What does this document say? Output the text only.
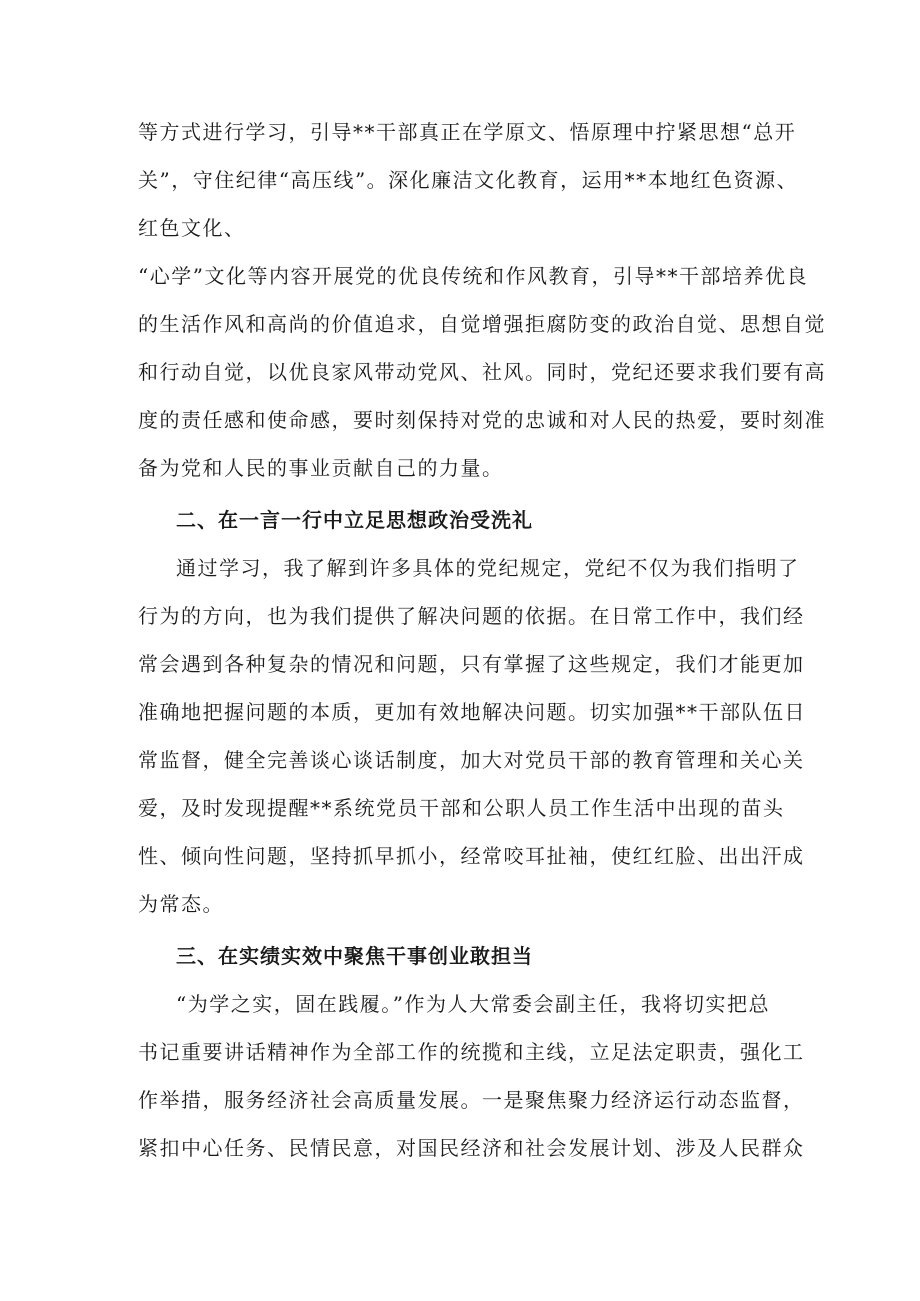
等方式进行学习，引导**干部真正在学原文、悟原理中拧紧思想“总开
关”，守住纪律“高压线”。深化廉洁文化教育，运用**本地红色资源、
红色文化、
“心学”文化等内容开展党的优良传统和作风教育，引导**干部培养优良
的生活作风和高尚的价值追求，自觉增强拒腐防变的政治自觉、思想自觉
和行动自觉，以优良家风带动党风、社风。同时，党纪还要求我们要有高
度的责任感和使命感，要时刻保持对党的忠诚和对人民的热爱，要时刻准
备为党和人民的事业贡献自己的力量。
二、在一言一行中立足思想政治受洗礼
通过学习，我了解到许多具体的党纪规定，党纪不仅为我们指明了
行为的方向，也为我们提供了解决问题的依据。在日常工作中，我们经
常会遇到各种复杂的情况和问题，只有掌握了这些规定，我们才能更加
准确地把握问题的本质，更加有效地解决问题。切实加强**干部队伍日
常监督，健全完善谈心谈话制度，加大对党员干部的教育管理和关心关
爱，及时发现提醒**系统党员干部和公职人员工作生活中出现的苗头
性、倾向性问题，坚持抓早抓小，经常咬耳扯袖，使红红脸、出出汗成
为常态。
三、在实绩实效中聚焦干事创业敢担当
“为学之实，固在践履。”作为人大常委会副主任，我将切实把总
书记重要讲话精神作为全部工作的统揽和主线，立足法定职责，强化工
作举措，服务经济社会高质量发展。一是聚焦聚力经济运行动态监督，
紧扣中心任务、民情民意，对国民经济和社会发展计划、涉及人民群众
